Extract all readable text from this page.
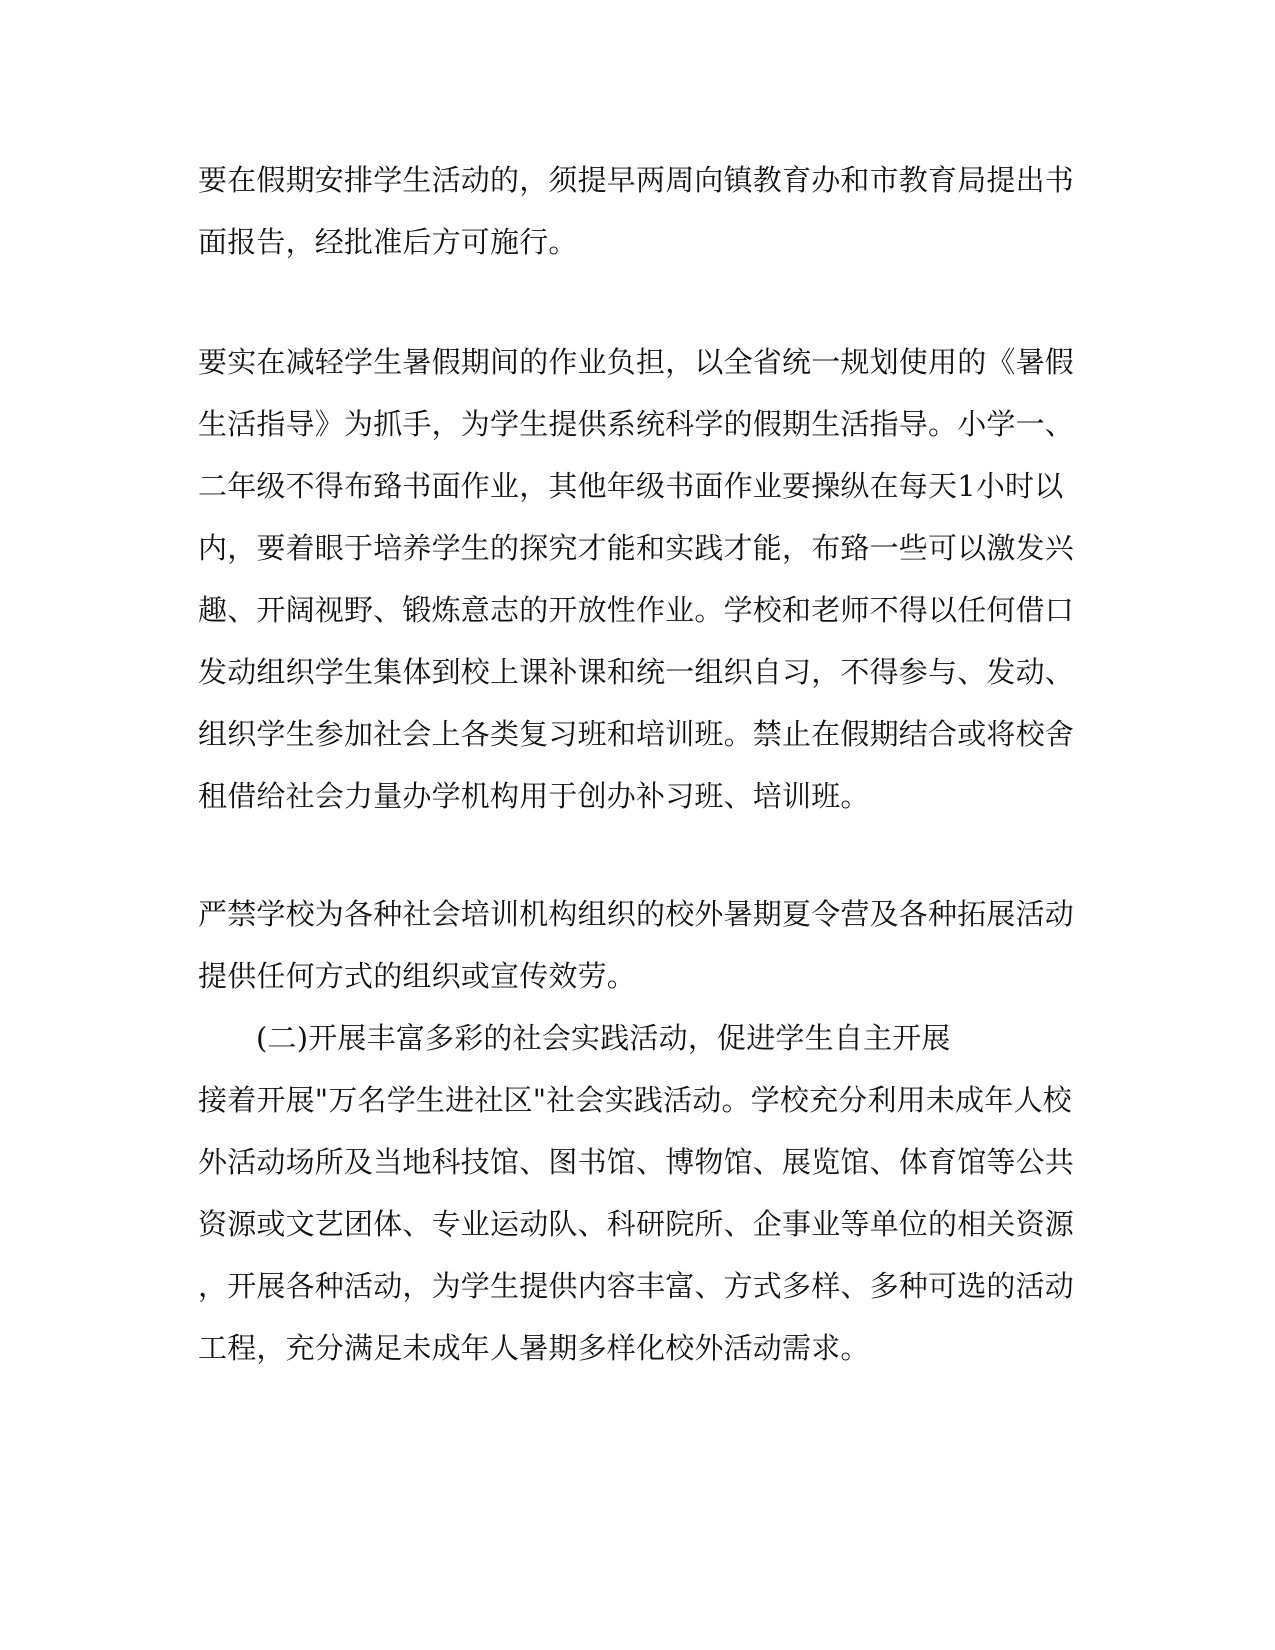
要在假期安排学生活动的，须提早两周向镇教育办和市教育局提出书
面报告，经批准后方可施行。
要实在减轻学生暑假期间的作业负担，以全省统一规划使用的《暑假
生活指导》为抓手，为学生提供系统科学的假期生活指导。小学一、
二年级不得布臵书面作业，其他年级书面作业要操纵在每天1小时以
内，要着眼于培养学生的探究才能和实践才能，布臵一些可以激发兴
趣、开阔视野、锻炼意志的开放性作业。学校和老师不得以任何借口
发动组织学生集体到校上课补课和统一组织自习，不得参与、发动、
组织学生参加社会上各类复习班和培训班。禁止在假期结合或将校舍
租借给社会力量办学机构用于创办补习班、培训班。
严禁学校为各种社会培训机构组织的校外暑期夏令营及各种拓展活动
提供任何方式的组织或宣传效劳。
(二)开展丰富多彩的社会实践活动，促进学生自主开展
接着开展"万名学生进社区"社会实践活动。学校充分利用未成年人校
外活动场所及当地科技馆、图书馆、博物馆、展览馆、体育馆等公共
资源或文艺团体、专业运动队、科研院所、企事业等单位的相关资源
，开展各种活动，为学生提供内容丰富、方式多样、多种可选的活动
工程，充分满足未成年人暑期多样化校外活动需求。
